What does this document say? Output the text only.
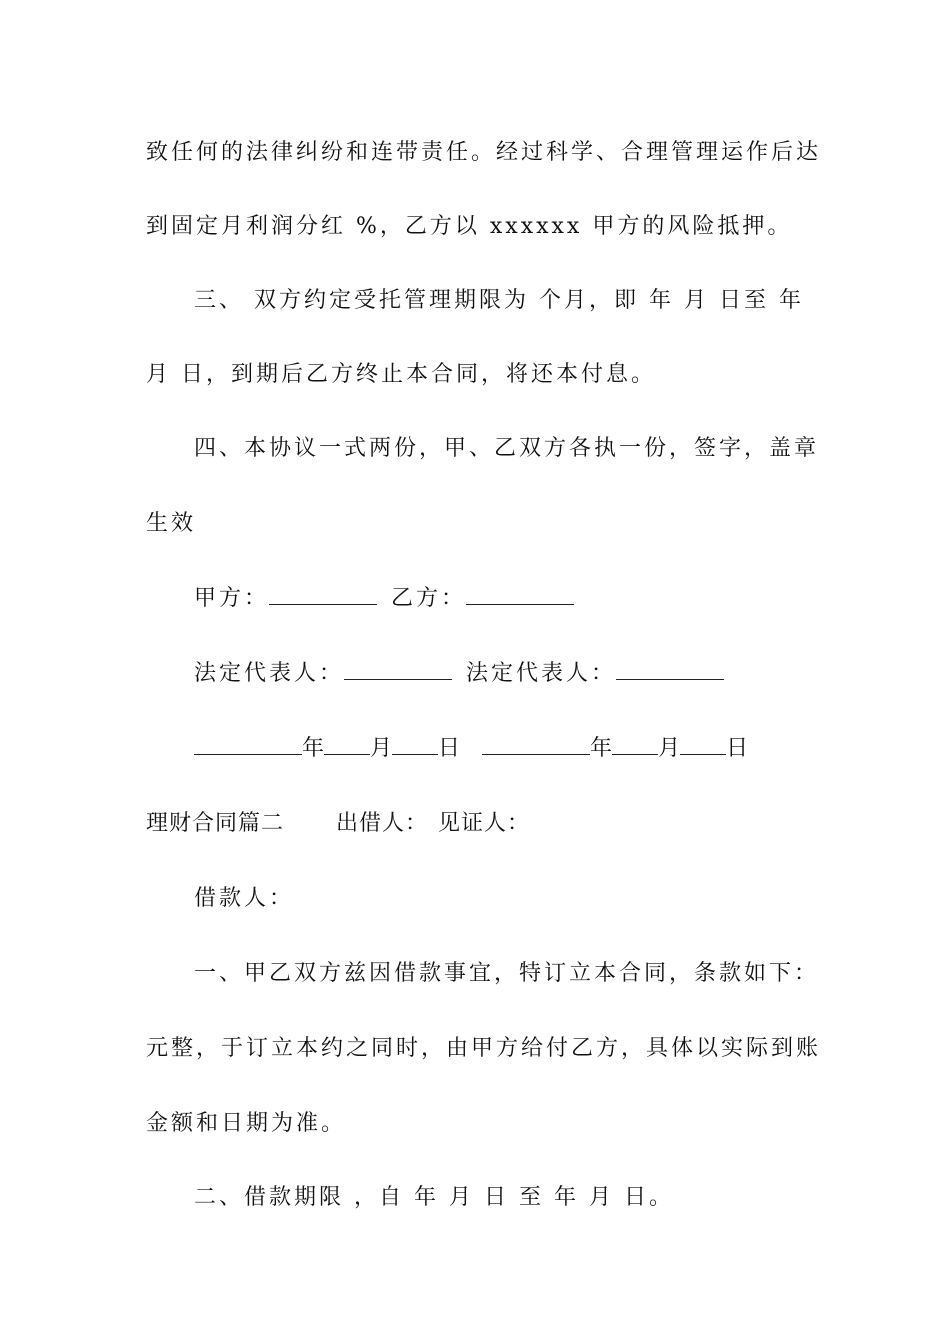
致任何的法律纠纷和连带责任。经过科学、合理管理运作后达
到固定月利润分红 %，乙方以 xxxxxx 甲方的风险抵押。
三、 双方约定受托管理期限为 个月，即 年 月 日至 年
月 日，到期后乙方终止本合同，将还本付息。
四、本协议一式两份，甲、乙双方各执一份，签字，盖章
生效
甲方：	乙方：
法定代表人：	法定代表人：
年 月 日	年 月 日
理财合同篇二 出借人： 见证人：
借款人：
一、甲乙双方兹因借款事宜，特订立本合同，条款如下：
元整，于订立本约之同时，由甲方给付乙方，具体以实际到账
金额和日期为准。
二、借款期限 ，自 年 月 日 至 年 月 日。
